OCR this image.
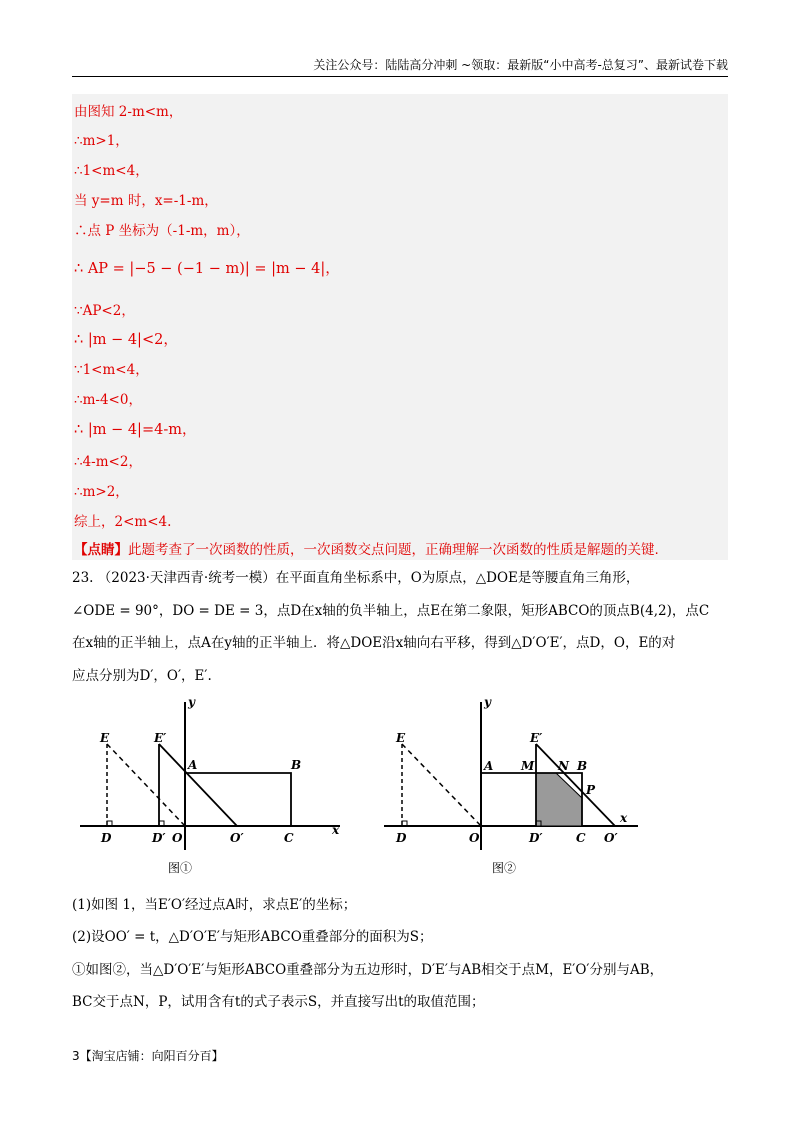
关注公众号：陆陆高分冲刺 ~领取：最新版“小中高考-总复习”、最新试卷下载
由图知 2-m<m，
∴m>1，
∴1<m<4，
当 y=m 时，x=-1-m，
∴点 P 坐标为（-1-m，m），
∴ AP = |−5 − (−1 − m)| = |m − 4|，
∵AP<2，
∴ |m − 4|<2，
∵1<m<4，
∴m-4<0，
∴ |m − 4|=4-m，
∴4-m<2，
∴m>2，
综上，2<m<4.
【点睛】此题考查了一次函数的性质，一次函数交点问题，正确理解一次函数的性质是解题的关键.
23. （2023·天津西青·统考一模）在平面直角坐标系中，O为原点，△DOE是等腰直角三角形，
∠ODE = 90°，DO = DE = 3，点D在x轴的负半轴上，点E在第二象限，矩形ABCO的顶点B(4,2)，点C
在x轴的正半轴上，点A在y轴的正半轴上．将△DOE沿x轴向右平移，得到△D′O′E′，点D，O，E的对
应点分别为D′，O′，E′.
y
x
E	E′
A	B
D	D′ O	O′	C
图①
y
x
E	E′
A M N B
P
D	O	D′	C O′
图②
(1)如图 1，当E′O′经过点A时，求点E′的坐标；
(2)设OO′ = t，△D′O′E′与矩形ABCO重叠部分的面积为S；
①如图②，当△D′O′E′与矩形ABCO重叠部分为五边形时，D′E′与AB相交于点M，E′O′分别与AB，
BC交于点N，P，试用含有t的式子表示S，并直接写出t的取值范围；
3【淘宝店铺：向阳百分百】
